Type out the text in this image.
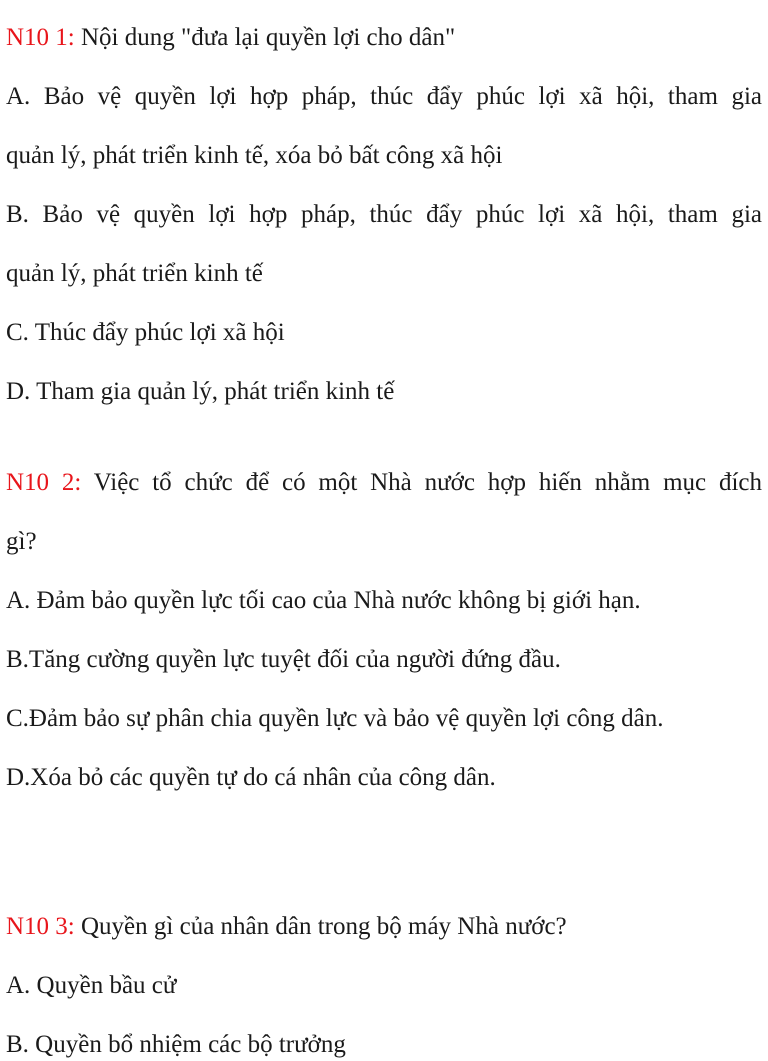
N10 1: Nội dung "đưa lại quyền lợi cho dân"
A. Bảo vệ quyền lợi hợp pháp, thúc đẩy phúc lợi xã hội, tham gia
quản lý, phát triển kinh tế, xóa bỏ bất công xã hội
B. Bảo vệ quyền lợi hợp pháp, thúc đẩy phúc lợi xã hội, tham gia
quản lý, phát triển kinh tế
C. Thúc đẩy phúc lợi xã hội
D. Tham gia quản lý, phát triển kinh tế
N10 2: Việc tổ chức để có một Nhà nước hợp hiến nhằm mục đích
gì?
A. Đảm bảo quyền lực tối cao của Nhà nước không bị giới hạn.
B.Tăng cường quyền lực tuyệt đối của người đứng đầu.
C.Đảm bảo sự phân chia quyền lực và bảo vệ quyền lợi công dân.
D.Xóa bỏ các quyền tự do cá nhân của công dân.
N10 3: Quyền gì của nhân dân trong bộ máy Nhà nước?
A. Quyền bầu cử
B. Quyền bổ nhiệm các bộ trưởng
